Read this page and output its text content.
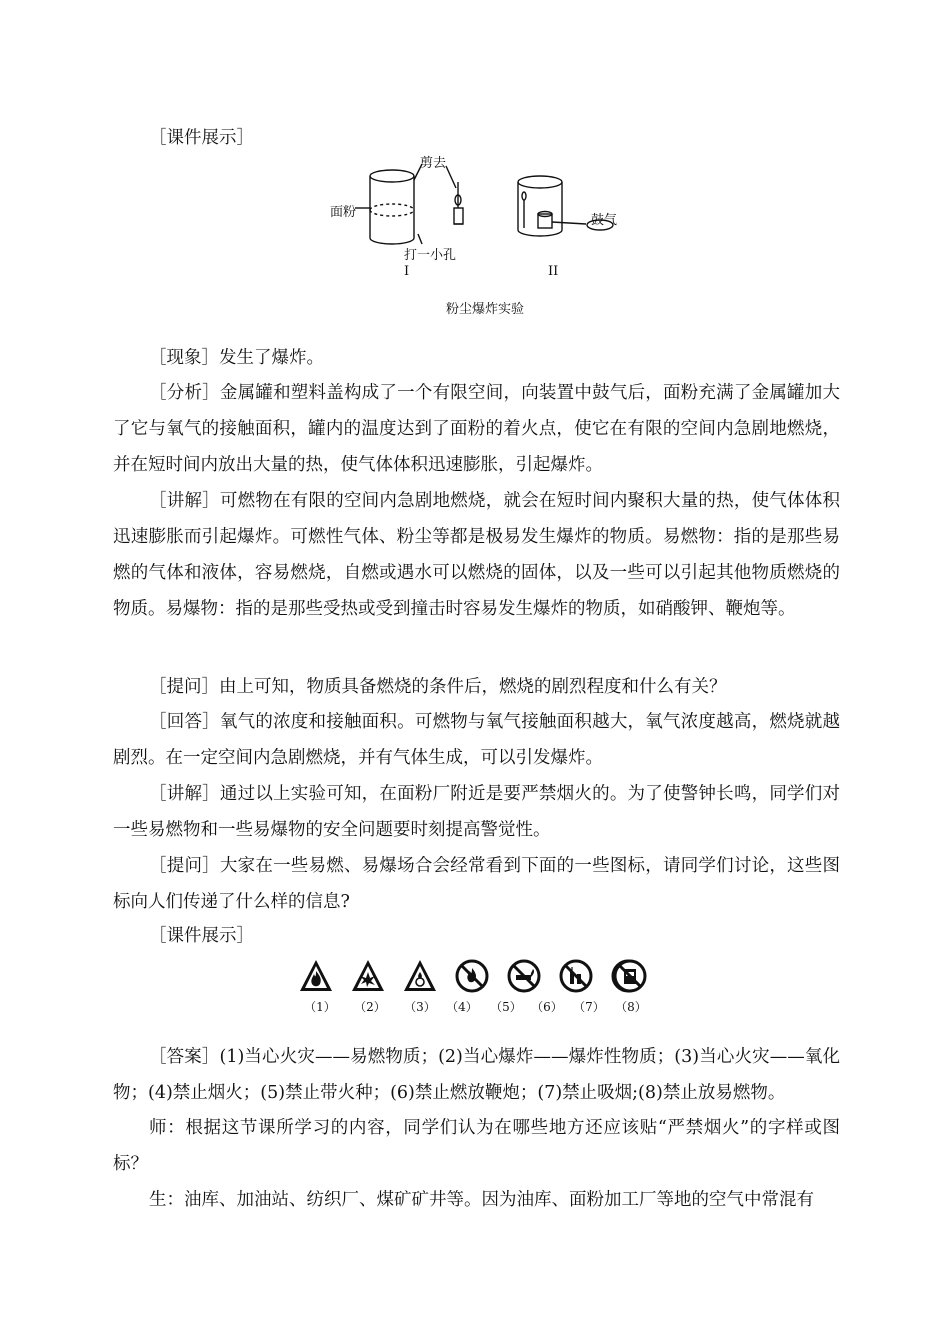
［课件展示］

剪去
面粉
打一小孔
鼓气
I	II
粉尘爆炸实验

［现象］发生了爆炸。

［分析］金属罐和塑料盖构成了一个有限空间，向装置中鼓气后，面粉充满了金属罐加大了它与氧气的接触面积，罐内的温度达到了面粉的着火点，使它在有限的空间内急剧地燃烧，并在短时间内放出大量的热，使气体体积迅速膨胀，引起爆炸。

［讲解］可燃物在有限的空间内急剧地燃烧，就会在短时间内聚积大量的热，使气体体积迅速膨胀而引起爆炸。可燃性气体、粉尘等都是极易发生爆炸的物质。易燃物：指的是那些易燃的气体和液体，容易燃烧，自燃或遇水可以燃烧的固体，以及一些可以引起其他物质燃烧的物质。易爆物：指的是那些受热或受到撞击时容易发生爆炸的物质，如硝酸钾、鞭炮等。

［提问］由上可知，物质具备燃烧的条件后，燃烧的剧烈程度和什么有关？

［回答］氧气的浓度和接触面积。可燃物与氧气接触面积越大，氧气浓度越高，燃烧就越剧烈。在一定空间内急剧燃烧，并有气体生成，可以引发爆炸。

［讲解］通过以上实验可知，在面粉厂附近是要严禁烟火的。为了使警钟长鸣，同学们对一些易燃物和一些易爆物的安全问题要时刻提高警觉性。

［提问］大家在一些易燃、易爆场合会经常看到下面的一些图标，请同学们讨论，这些图标向人们传递了什么样的信息?

［课件展示］

（1）	（2）	（3） （4）	（5） （6） （7） （8）

［答案］(1)当心火灾——易燃物质；(2)当心爆炸——爆炸性物质；(3)当心火灾——氧化物；(4)禁止烟火；(5)禁止带火种；(6)禁止燃放鞭炮；(7)禁止吸烟;(8)禁止放易燃物。

师：根据这节课所学习的内容，同学们认为在哪些地方还应该贴“严禁烟火”的字样或图标？

生：油库、加油站、纺织厂、煤矿矿井等。因为油库、面粉加工厂等地的空气中常混有
